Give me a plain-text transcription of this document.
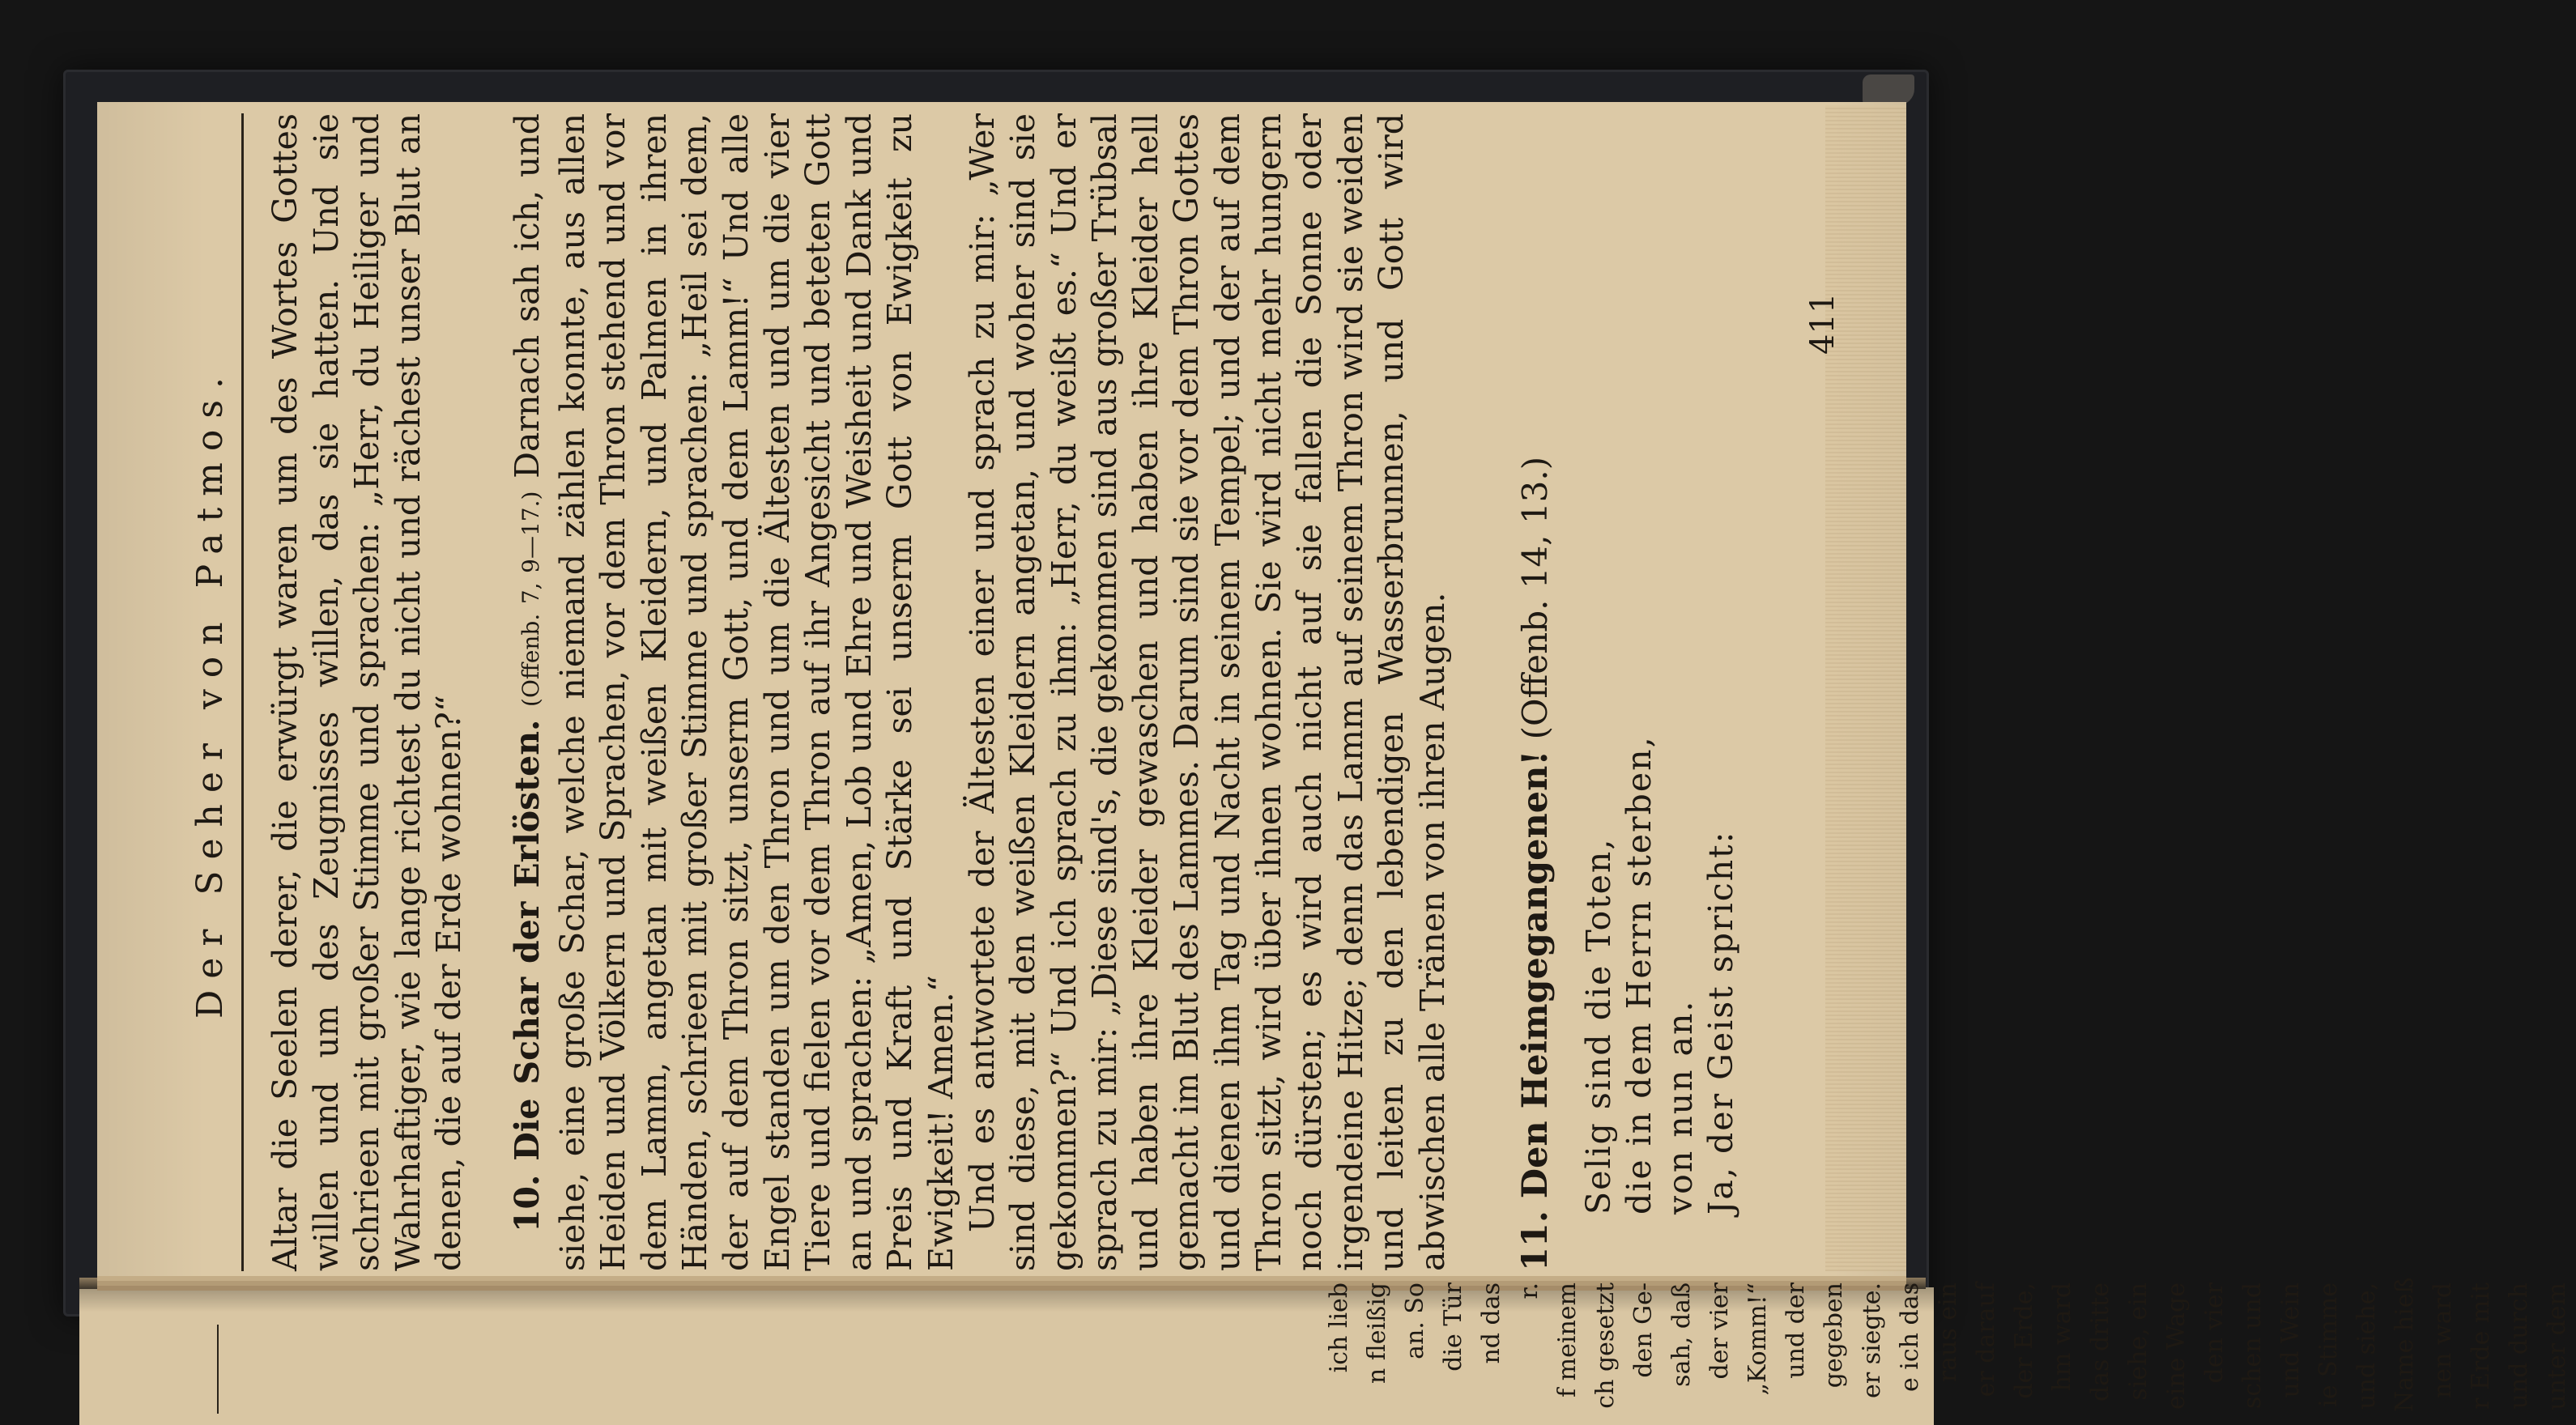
Der Seher von Patmos. Altar die Seelen derer, die erwürgt waren um des Wortes Gottes willen und um des Zeugnisses willen, das sie hatten. Und sie schrieen mit großer Stimme und sprachen: „Herr, du Heiliger und Wahrhaftiger, wie lange richtest du nicht und rächest unser Blut an denen, die auf der Erde wohnen?“ 10. Die Schar der Erlösten. (Offenb. 7, 9—17.) Darnach sah ich, und siehe, eine große Schar, welche niemand zählen konnte, aus allen Heiden und Völkern und Sprachen, vor dem Thron stehend und vor dem Lamm, angetan mit weißen Kleidern, und Palmen in ihren Händen, schrieen mit großer Stimme und sprachen: „Heil sei dem, der auf dem Thron sitzt, unserm Gott, und dem Lamm!“ Und alle Engel standen um den Thron und um die Ältesten und um die vier Tiere und fielen vor dem Thron auf ihr Angesicht und beteten Gott an und sprachen: „Amen, Lob und Ehre und Weisheit und Dank und Preis und Kraft und Stärke sei unserm Gott von Ewigkeit zu Ewigkeit! Amen.“ Und es antwortete der Ältesten einer und sprach zu mir: „Wer sind diese, mit den weißen Kleidern angetan, und woher sind sie gekommen?“ Und ich sprach zu ihm: „Herr, du weißt es.“ Und er sprach zu mir: „Diese sind's, die gekommen sind aus großer Trübsal und haben ihre Kleider gewaschen und haben ihre Kleider hell gemacht im Blut des Lammes. Darum sind sie vor dem Thron Gottes und dienen ihm Tag und Nacht in seinem Tempel; und der auf dem Thron sitzt, wird über ihnen wohnen. Sie wird nicht mehr hungern noch dürsten; es wird auch nicht auf sie fallen die Sonne oder irgendeine Hitze; denn das Lamm auf seinem Thron wird sie weiden und leiten zu den lebendigen Wasserbrunnen, und Gott wird abwischen alle Tränen von ihren Augen. 11. Den Heimgegangenen! (Offenb. 14, 13.)

Selig sind die Toten, die in dem Herrn sterben, von nun an. Ja, der Geist spricht:
411
ich lieb n fleißig an. So die Tür nd das r. f meinem ch gesetzt den Ge- sah, daß der vier „Komm!“ und der gegeben er siegte. e ich das raus ein er darauf der Erde, hm ward das dritte siehe, ein eine Wage den vier schen und und Wein ie Stimme und siehe, Name hieß nen ward r Erde mit und durch unter dem
